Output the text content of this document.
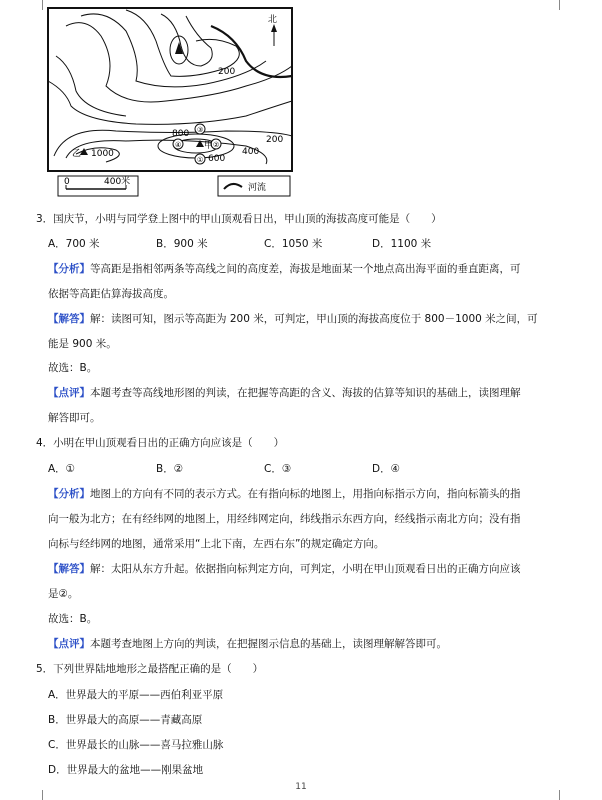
③
②
①
④
北
200
800
600
400
200
1000
甲
乙
0	400米
河流
3．国庆节，小明与同学登上图中的甲山顶观看日出，甲山顶的海拔高度可能是（　　）
A．700 米	B．900 米	C．1050 米	D．1100 米
【分析】等高距是指相邻两条等高线之间的高度差，海拔是地面某一个地点高出海平面的垂直距离，可
依据等高距估算海拔高度。
【解答】解：读图可知，图示等高距为 200 米，可判定，甲山顶的海拔高度位于 800－1000 米之间，可
能是 900 米。
故选：B。
【点评】本题考查等高线地形图的判读，在把握等高距的含义、海拔的估算等知识的基础上，读图理解
解答即可。
4．小明在甲山顶观看日出的正确方向应该是（　　）
A．①	B．②	C．③	D．④
【分析】地图上的方向有不同的表示方式。在有指向标的地图上，用指向标指示方向，指向标箭头的指
向一般为北方；在有经纬网的地图上，用经纬网定向，纬线指示东西方向，经线指示南北方向；没有指
向标与经纬网的地图，通常采用“上北下南，左西右东”的规定确定方向。
【解答】解：太阳从东方升起。依据指向标判定方向，可判定，小明在甲山顶观看日出的正确方向应该
是②。
故选：B。
【点评】本题考查地图上方向的判读，在把握图示信息的基础上，读图理解解答即可。
5．下列世界陆地地形之最搭配正确的是（　　）
A．世界最大的平原——西伯利亚平原
B．世界最大的高原——青藏高原
C．世界最长的山脉——喜马拉雅山脉
D．世界最大的盆地——刚果盆地
11
